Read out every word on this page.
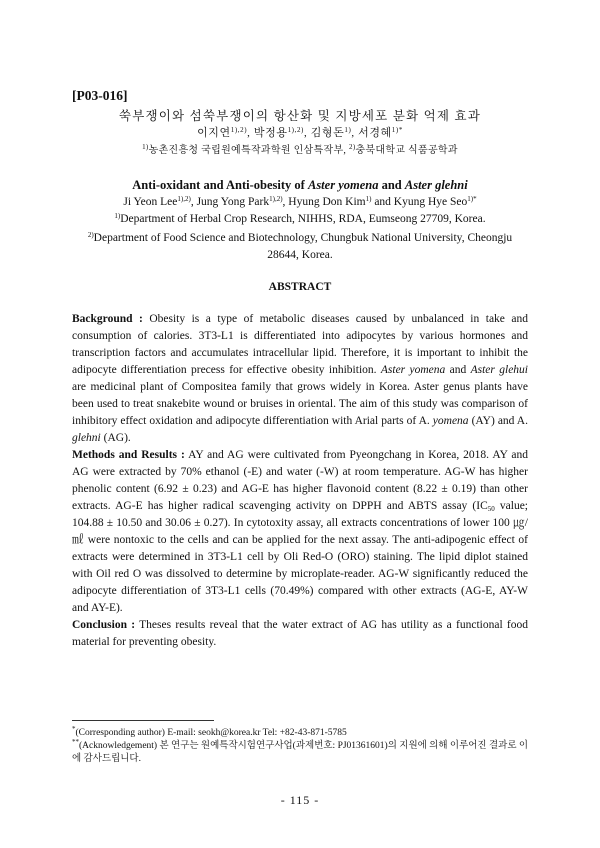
[P03-016]
쑥부쟁이와 섬쑥부쟁이의 항산화 및 지방세포 분화 억제 효과
이지연$^{1),2)}$, 박정용$^{1),2)}$, 김형돈$^{1)}$, 서경혜$^{1)*}$
$^{1)}$농촌진흥청 국립원예특작과학원 인삼특작부, $^{2)}$충북대학교 식품공학과
Anti-oxidant and Anti-obesity of Aster yomena and Aster glehni
Ji Yeon Lee$^{1),2)}$, Jung Yong Park$^{1),2)}$, Hyung Don Kim$^{1)}$ and Kyung Hye Seo$^{1)*}$
$^{1)}$Department of Herbal Crop Research, NIHHS, RDA, Eumseong 27709, Korea.
$^{2)}$Department of Food Science and Biotechnology, Chungbuk National University, Cheongju 28644, Korea.
ABSTRACT

Background : Obesity is a type of metabolic diseases caused by unbalanced in take and consumption of calories. 3T3-L1 is differentiated into adipocytes by various hormones and transcription factors and accumulates intracellular lipid. Therefore, it is important to inhibit the adipocyte differentiation precess for effective obesity inhibition. Aster yomena and Aster glehui are medicinal plant of Compositea family that grows widely in Korea. Aster genus plants have been used to treat snakebite wound or bruises in oriental. The aim of this study was comparison of inhibitory effect oxidation and adipocyte differentiation with Arial parts of A. yomena (AY) and A. glehni (AG).

Methods and Results : AY and AG were cultivated from Pyeongchang in Korea, 2018. AY and AG were extracted by 70% ethanol (-E) and water (-W) at room temperature. AG-W has higher phenolic content (6.92 ± 0.23) and AG-E has higher flavonoid content (8.22 ± 0.19) than other extracts. AG-E has higher radical scavenging activity on DPPH and ABTS assay ($IC_{50}$ value; 104.88 ± 10.50 and 30.06 ± 0.27). In cytotoxity assay, all extracts concentrations of lower 100 ㎍/㎖ were nontoxic to the cells and can be applied for the next assay. The anti-adipogenic effect of extracts were determined in 3T3-L1 cell by Oli Red-O (ORO) staining. The lipid diplot stained with Oil red O was dissolved to determine by microplate-reader. AG-W significantly reduced the adipocyte differentiation of 3T3-L1 cells (70.49%) compared with other extracts (AG-E, AY-W and AY-E).

Conclusion : Theses results reveal that the water extract of AG has utility as a functional food material for preventing obesity.

*(Corresponding author) E-mail: seokh@korea.kr Tel: +82-43-871-5785
**(Acknowledgement) 본 연구는 원예특작시험연구사업(과제번호: PJ01361601)의 지원에 의해 이루어진 결과로 이에 감사드립니다.
- 115 -
